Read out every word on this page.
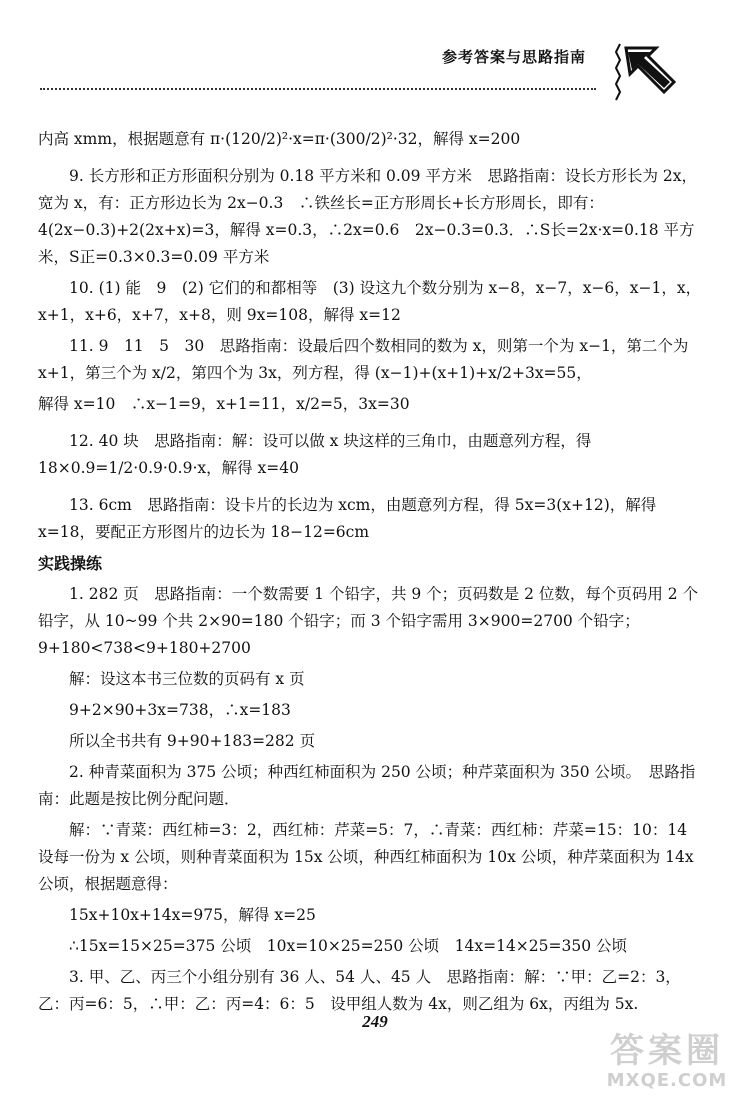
参考答案与思路指南

内高 xmm，根据题意有 π·(120/2)²·x=π·(300/2)²·32，解得 x=200

9. 长方形和正方形面积分别为 0.18 平方米和 0.09 平方米　思路指南：设长方形长为 2x，宽为 x，有：正方形边长为 2x−0.3　∴铁丝长=正方形周长+长方形周长，即有：4(2x−0.3)+2(2x+x)=3，解得 x=0.3，∴2x=0.6　2x−0.3=0.3．∴S长=2x·x=0.18 平方米，S正=0.3×0.3=0.09 平方米

10. (1) 能　9　(2) 它们的和都相等　(3) 设这九个数分别为 x−8，x−7，x−6，x−1，x，x+1，x+6，x+7，x+8，则 9x=108，解得 x=12

11. 9　11　5　30　思路指南：设最后四个数相同的数为 x，则第一个为 x−1，第二个为 x+1，第三个为 x/2，第四个为 3x，列方程，得 (x−1)+(x+1)+x/2+3x=55，

解得 x=10　∴x−1=9，x+1=11，x/2=5，3x=30

12. 40 块　思路指南：解：设可以做 x 块这样的三角巾，由题意列方程，得 18×0.9=1/2·0.9·0.9·x，解得 x=40

13. 6cm　思路指南：设卡片的长边为 xcm，由题意列方程，得 5x=3(x+12)，解得 x=18，要配正方形图片的边长为 18−12=6cm

实践操练

1. 282 页　思路指南：一个数需要 1 个铅字，共 9 个；页码数是 2 位数，每个页码用 2 个铅字，从 10~99 个共 2×90=180 个铅字；而 3 个铅字需用 3×900=2700 个铅字；9+180<738<9+180+2700

解：设这本书三位数的页码有 x 页

9+2×90+3x=738，∴x=183

所以全书共有 9+90+183=282 页

2. 种青菜面积为 375 公顷；种西红柿面积为 250 公顷；种芹菜面积为 350 公顷。　思路指南：此题是按比例分配问题．

解：∵青菜：西红柿=3：2，西红柿：芹菜=5：7，∴青菜：西红柿：芹菜=15：10：14　设每一份为 x 公顷，则种青菜面积为 15x 公顷，种西红柿面积为 10x 公顷，种芹菜面积为 14x 公顷，根据题意得：

15x+10x+14x=975，解得 x=25

∴15x=15×25=375 公顷　10x=10×25=250 公顷　14x=14×25=350 公顷

3. 甲、乙、丙三个小组分别有 36 人、54 人、45 人　思路指南：解：∵甲：乙=2：3，乙：丙=6：5，∴甲：乙：丙=4：6：5　设甲组人数为 4x，则乙组为 6x，丙组为 5x.

249
答案圈
MXQE.COM
